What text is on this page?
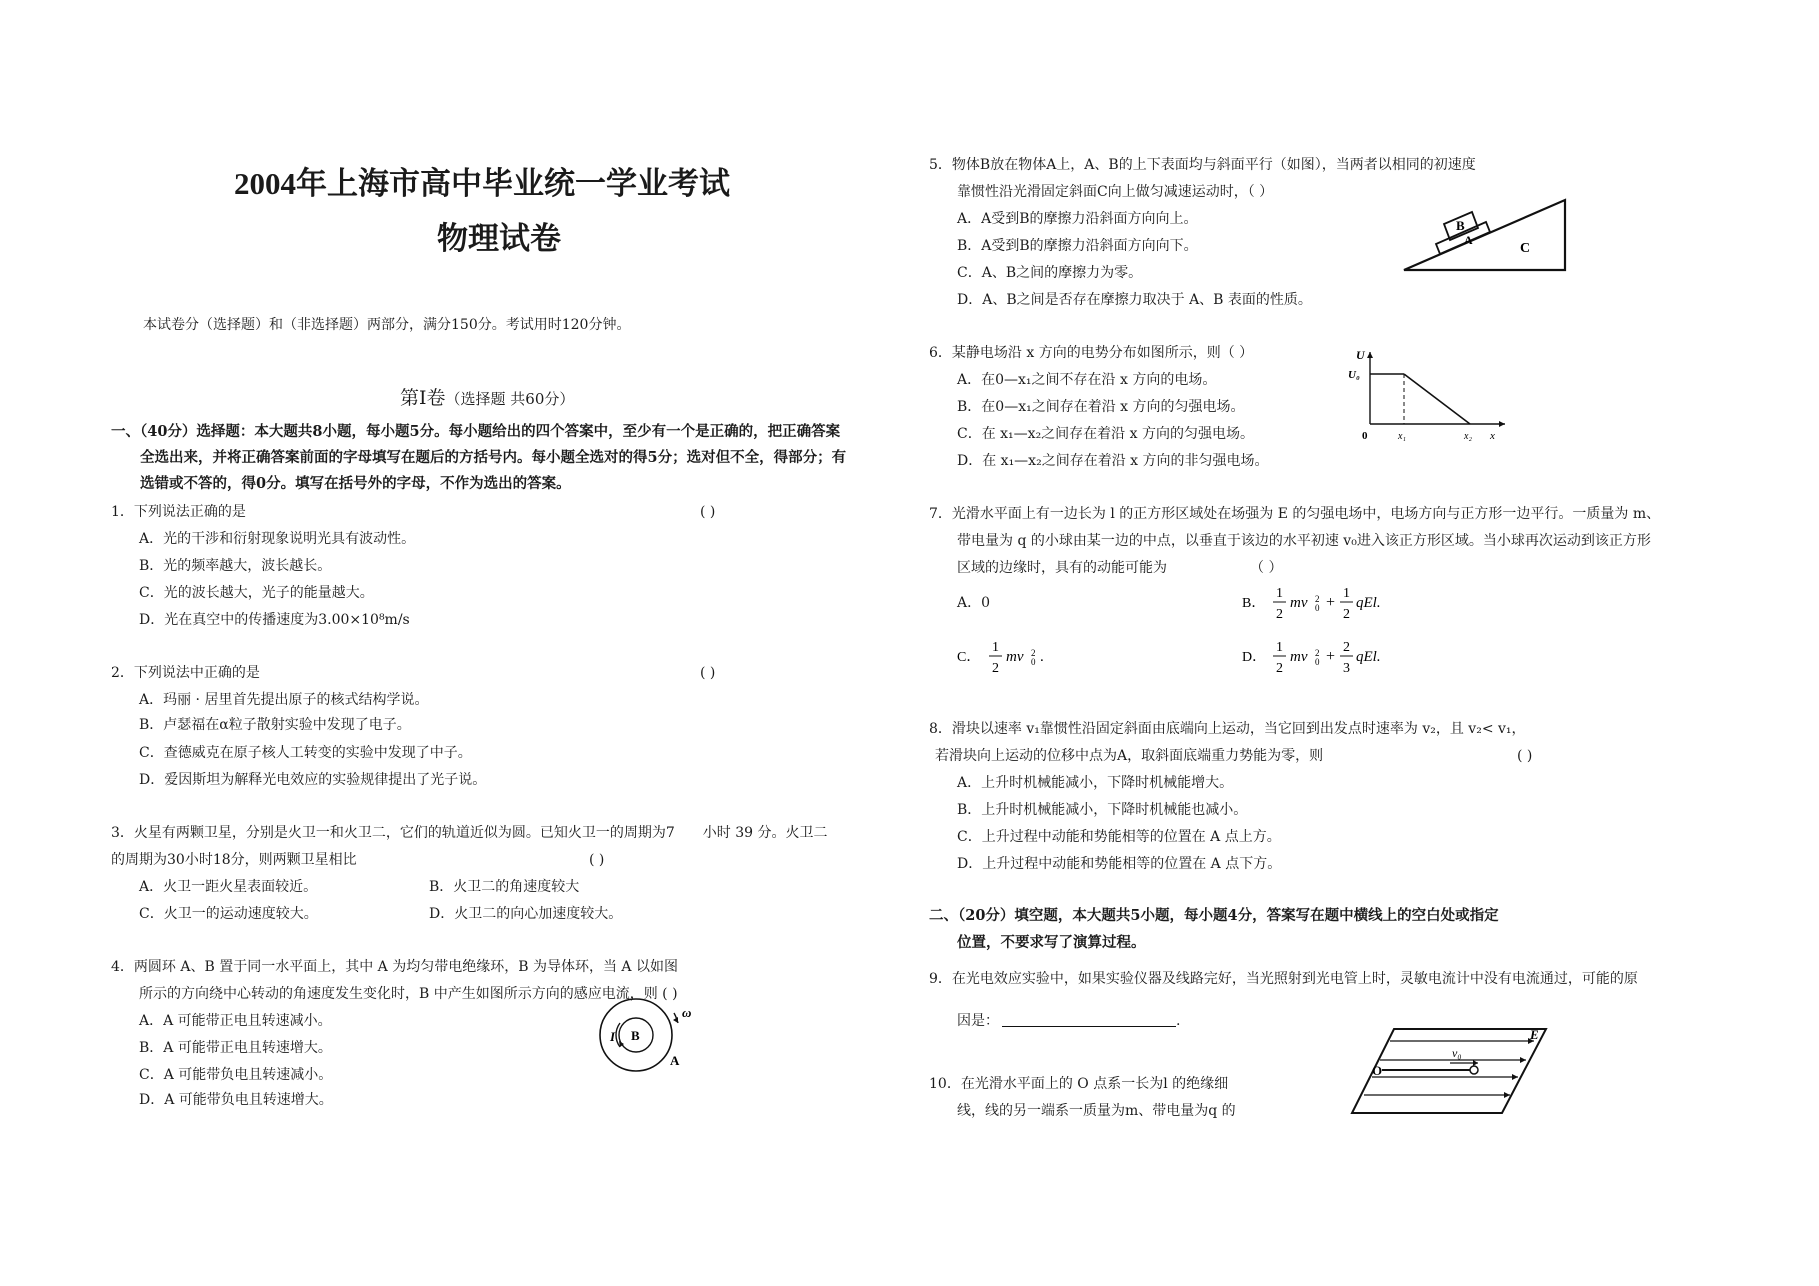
2004年上海市高中毕业统一学业考试
物理试卷
本试卷分（选择题）和（非选择题）两部分，满分150分。考试用时120分钟。
第Ⅰ卷（选择题 共60分）
一、（40分）选择题：本大题共8小题，每小题5分。每小题给出的四个答案中，至少有一个是正确的，把正确答案
全选出来，并将正确答案前面的字母填写在题后的方括号内。每小题全选对的得5分；选对但不全，得部分；有
选错或不答的，得0分。填写在括号外的字母，不作为选出的答案。
1．下列说法正确的是	( )
A．光的干涉和衍射现象说明光具有波动性。
B．光的频率越大，波长越长。
C．光的波长越大，光子的能量越大。
D．光在真空中的传播速度为3.00×10⁸m/s
2．下列说法中正确的是	( )
A．玛丽 · 居里首先提出原子的核式结构学说。
B．卢瑟福在α粒子散射实验中发现了电子。
C．查德威克在原子核人工转变的实验中发现了中子。
D．爱因斯坦为解释光电效应的实验规律提出了光子说。
3．火星有两颗卫星，分别是火卫一和火卫二，它们的轨道近似为圆。已知火卫一的周期为7　　小时 39 分。火卫二
的周期为30小时18分，则两颗卫星相比	( )
A．火卫一距火星表面较近。	B．火卫二的角速度较大
C．火卫一的运动速度较大。	D．火卫二的向心加速度较大。
4．两圆环 A、B 置于同一水平面上，其中 A 为均匀带电绝缘环，B 为导体环，当 A 以如图
所示的方向绕中心转动的角速度发生变化时，B 中产生如图所示方向的感应电流，则 ( )
A．A 可能带正电且转速减小。
B．A 可能带正电且转速增大。
C．A 可能带负电且转速减小。
D．A 可能带负电且转速增大。
B
I
ω
A
5．物体B放在物体A上，A、B的上下表面均与斜面平行（如图），当两者以相同的初速度
靠惯性沿光滑固定斜面C向上做匀减速运动时，（ ）
A．A受到B的摩擦力沿斜面方向向上。
B．A受到B的摩擦力沿斜面方向向下。
C．A、B之间的摩擦力为零。
D．A、B之间是否存在摩擦力取决于 A、B 表面的性质。
B
A
C
6．某静电场沿 x 方向的电势分布如图所示，则（ ）
A．在0—x₁之间不存在沿 x 方向的电场。
B．在0—x₁之间存在着沿 x 方向的匀强电场。
C．在 x₁—x₂之间存在着沿 x 方向的匀强电场。
D．在 x₁—x₂之间存在着沿 x 方向的非匀强电场。
U
U₀
0	x₁	x₂ x
7．光滑水平面上有一边长为 l 的正方形区域处在场强为 E 的匀强电场中，电场方向与正方形一边平行。一质量为 m、
带电量为 q 的小球由某一边的中点，以垂直于该边的水平初速 v₀进入该正方形区域。当小球再次运动到该正方形
区域的边缘时，具有的动能可能为	（ ）
A．0	B．
1
2
mv 2
0 +
1
2
qEl.
C．
1
2
mv 2
0 .	D．
1
2
mv 2
0 +
2
3
qEl.
8．滑块以速率 v₁靠惯性沿固定斜面由底端向上运动，当它回到出发点时速率为 v₂，且 v₂< v₁，
若滑块向上运动的位移中点为A，取斜面底端重力势能为零，则	( )
A．上升时机械能减小，下降时机械能增大。
B．上升时机械能减小，下降时机械能也减小。
C．上升过程中动能和势能相等的位置在 A 点上方。
D．上升过程中动能和势能相等的位置在 A 点下方。
二、（20分）填空题，本大题共5小题，每小题4分，答案写在题中横线上的空白处或指定
位置，不要求写了演算过程。
9．在光电效应实验中，如果实验仪器及线路完好，当光照射到光电管上时，灵敏电流计中没有电流通过，可能的原
因是：	.
10．在光滑水平面上的 O 点系一长为l 的绝缘细
线，线的另一端系一质量为m、带电量为q 的
O
v₀
E
